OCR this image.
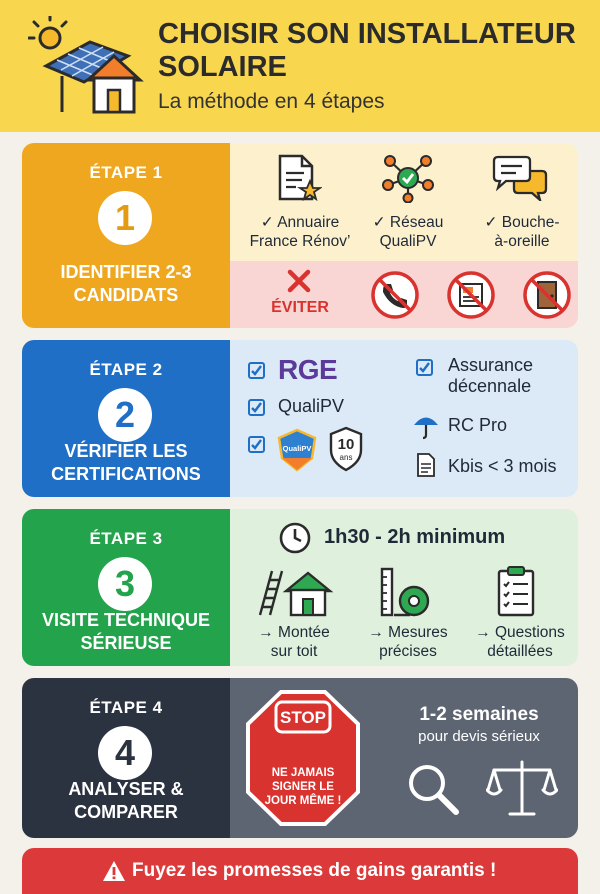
CHOISIR SON INSTALLATEUR SOLAIRE
La méthode en 4 étapes
ÉTAPE 1
1
IDENTIFIER 2-3 CANDIDATS
✓ Annuaire
France Rénov’
✓ Réseau
QualiPV
✓ Bouche-
à-oreille
ÉVITER
ÉTAPE 2
2
VÉRIFIER LES CERTIFICATIONS
RGE
QualiPV
QualiPV	10
ans
Assurance
décennale
RC Pro
Kbis < 3 mois
ÉTAPE 3
3
VISITE TECHNIQUE SÉRIEUSE
1h30 - 2h minimum
→ Montée
sur toit
→ Mesures
précises
→ Questions
détaillées
ÉTAPE 4
4
ANALYSER & COMPARER
STOP
NE JAMAIS
SIGNER LE
JOUR MÊME !
1-2 semaines
pour devis sérieux
Fuyez les promesses de gains garantis !
